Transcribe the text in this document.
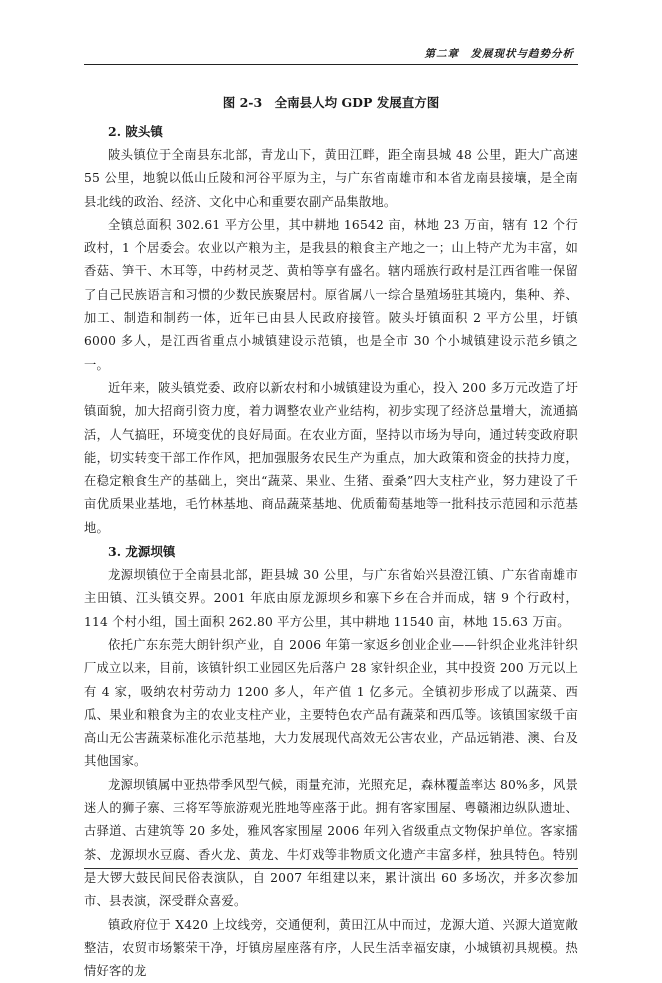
第二章　发展现状与趋势分析
图 2-3　全南县人均 GDP 发展直方图
2. 陂头镇

陂头镇位于全南县东北部，青龙山下，黄田江畔，距全南县城 48 公里，距大广高速 55 公里，地貌以低山丘陵和河谷平原为主，与广东省南雄市和本省龙南县接壤，是全南县北线的政治、经济、文化中心和重要农副产品集散地。

全镇总面积 302.61 平方公里，其中耕地 16542 亩，林地 23 万亩，辖有 12 个行政村，1 个居委会。农业以产粮为主，是我县的粮食主产地之一；山上特产尤为丰富，如香菇、笋干、木耳等，中药材灵芝、黄柏等享有盛名。辖内瑶族行政村是江西省唯一保留了自己民族语言和习惯的少数民族聚居村。原省属八一综合垦殖场驻其境内，集种、养、加工、制造和制药一体，近年已由县人民政府接管。陂头圩镇面积 2 平方公里，圩镇 6000 多人，是江西省重点小城镇建设示范镇，也是全市 30 个小城镇建设示范乡镇之一。

近年来，陂头镇党委、政府以新农村和小城镇建设为重心，投入 200 多万元改造了圩镇面貌，加大招商引资力度，着力调整农业产业结构，初步实现了经济总量增大，流通搞活，人气搞旺，环境变优的良好局面。在农业方面，坚持以市场为导向，通过转变政府职能，切实转变干部工作作风，把加强服务农民生产为重点，加大政策和资金的扶持力度，在稳定粮食生产的基础上，突出“蔬菜、果业、生猪、蚕桑”四大支柱产业，努力建设了千亩优质果业基地，毛竹林基地、商品蔬菜基地、优质葡萄基地等一批科技示范园和示范基地。

3. 龙源坝镇

龙源坝镇位于全南县北部，距县城 30 公里，与广东省始兴县澄江镇、广东省南雄市主田镇、江头镇交界。2001 年底由原龙源坝乡和寨下乡在合并而成，辖 9 个行政村，114 个村小组，国土面积 262.80 平方公里，其中耕地 11540 亩，林地 15.63 万亩。

依托广东东莞大朗针织产业，自 2006 年第一家返乡创业企业——针织企业兆沣针织厂成立以来，目前，该镇针织工业园区先后落户 28 家针织企业，其中投资 200 万元以上有 4 家，吸纳农村劳动力 1200 多人，年产值 1 亿多元。全镇初步形成了以蔬菜、西瓜、果业和粮食为主的农业支柱产业，主要特色农产品有蔬菜和西瓜等。该镇国家级千亩高山无公害蔬菜标准化示范基地，大力发展现代高效无公害农业，产品远销港、澳、台及其他国家。

龙源坝镇属中亚热带季风型气候，雨量充沛，光照充足，森林覆盖率达 80%多，风景迷人的狮子寨、三将军等旅游观光胜地等座落于此。拥有客家围屋、粤赣湘边纵队遗址、古驿道、古建筑等 20 多处，雅风客家围屋 2006 年列入省级重点文物保护单位。客家擂茶、龙源坝水豆腐、香火龙、黄龙、牛灯戏等非物质文化遗产丰富多样，独具特色。特别是大锣大鼓民间民俗表演队，自 2007 年组建以来，累计演出 60 多场次，并多次参加市、县表演，深受群众喜爱。

镇政府位于 X420 上坟线旁，交通便利，黄田江从中而过，龙源大道、兴源大道宽敞整洁，农贸市场繁荣干净，圩镇房屋座落有序，人民生活幸福安康，小城镇初具规模。热情好客的龙
